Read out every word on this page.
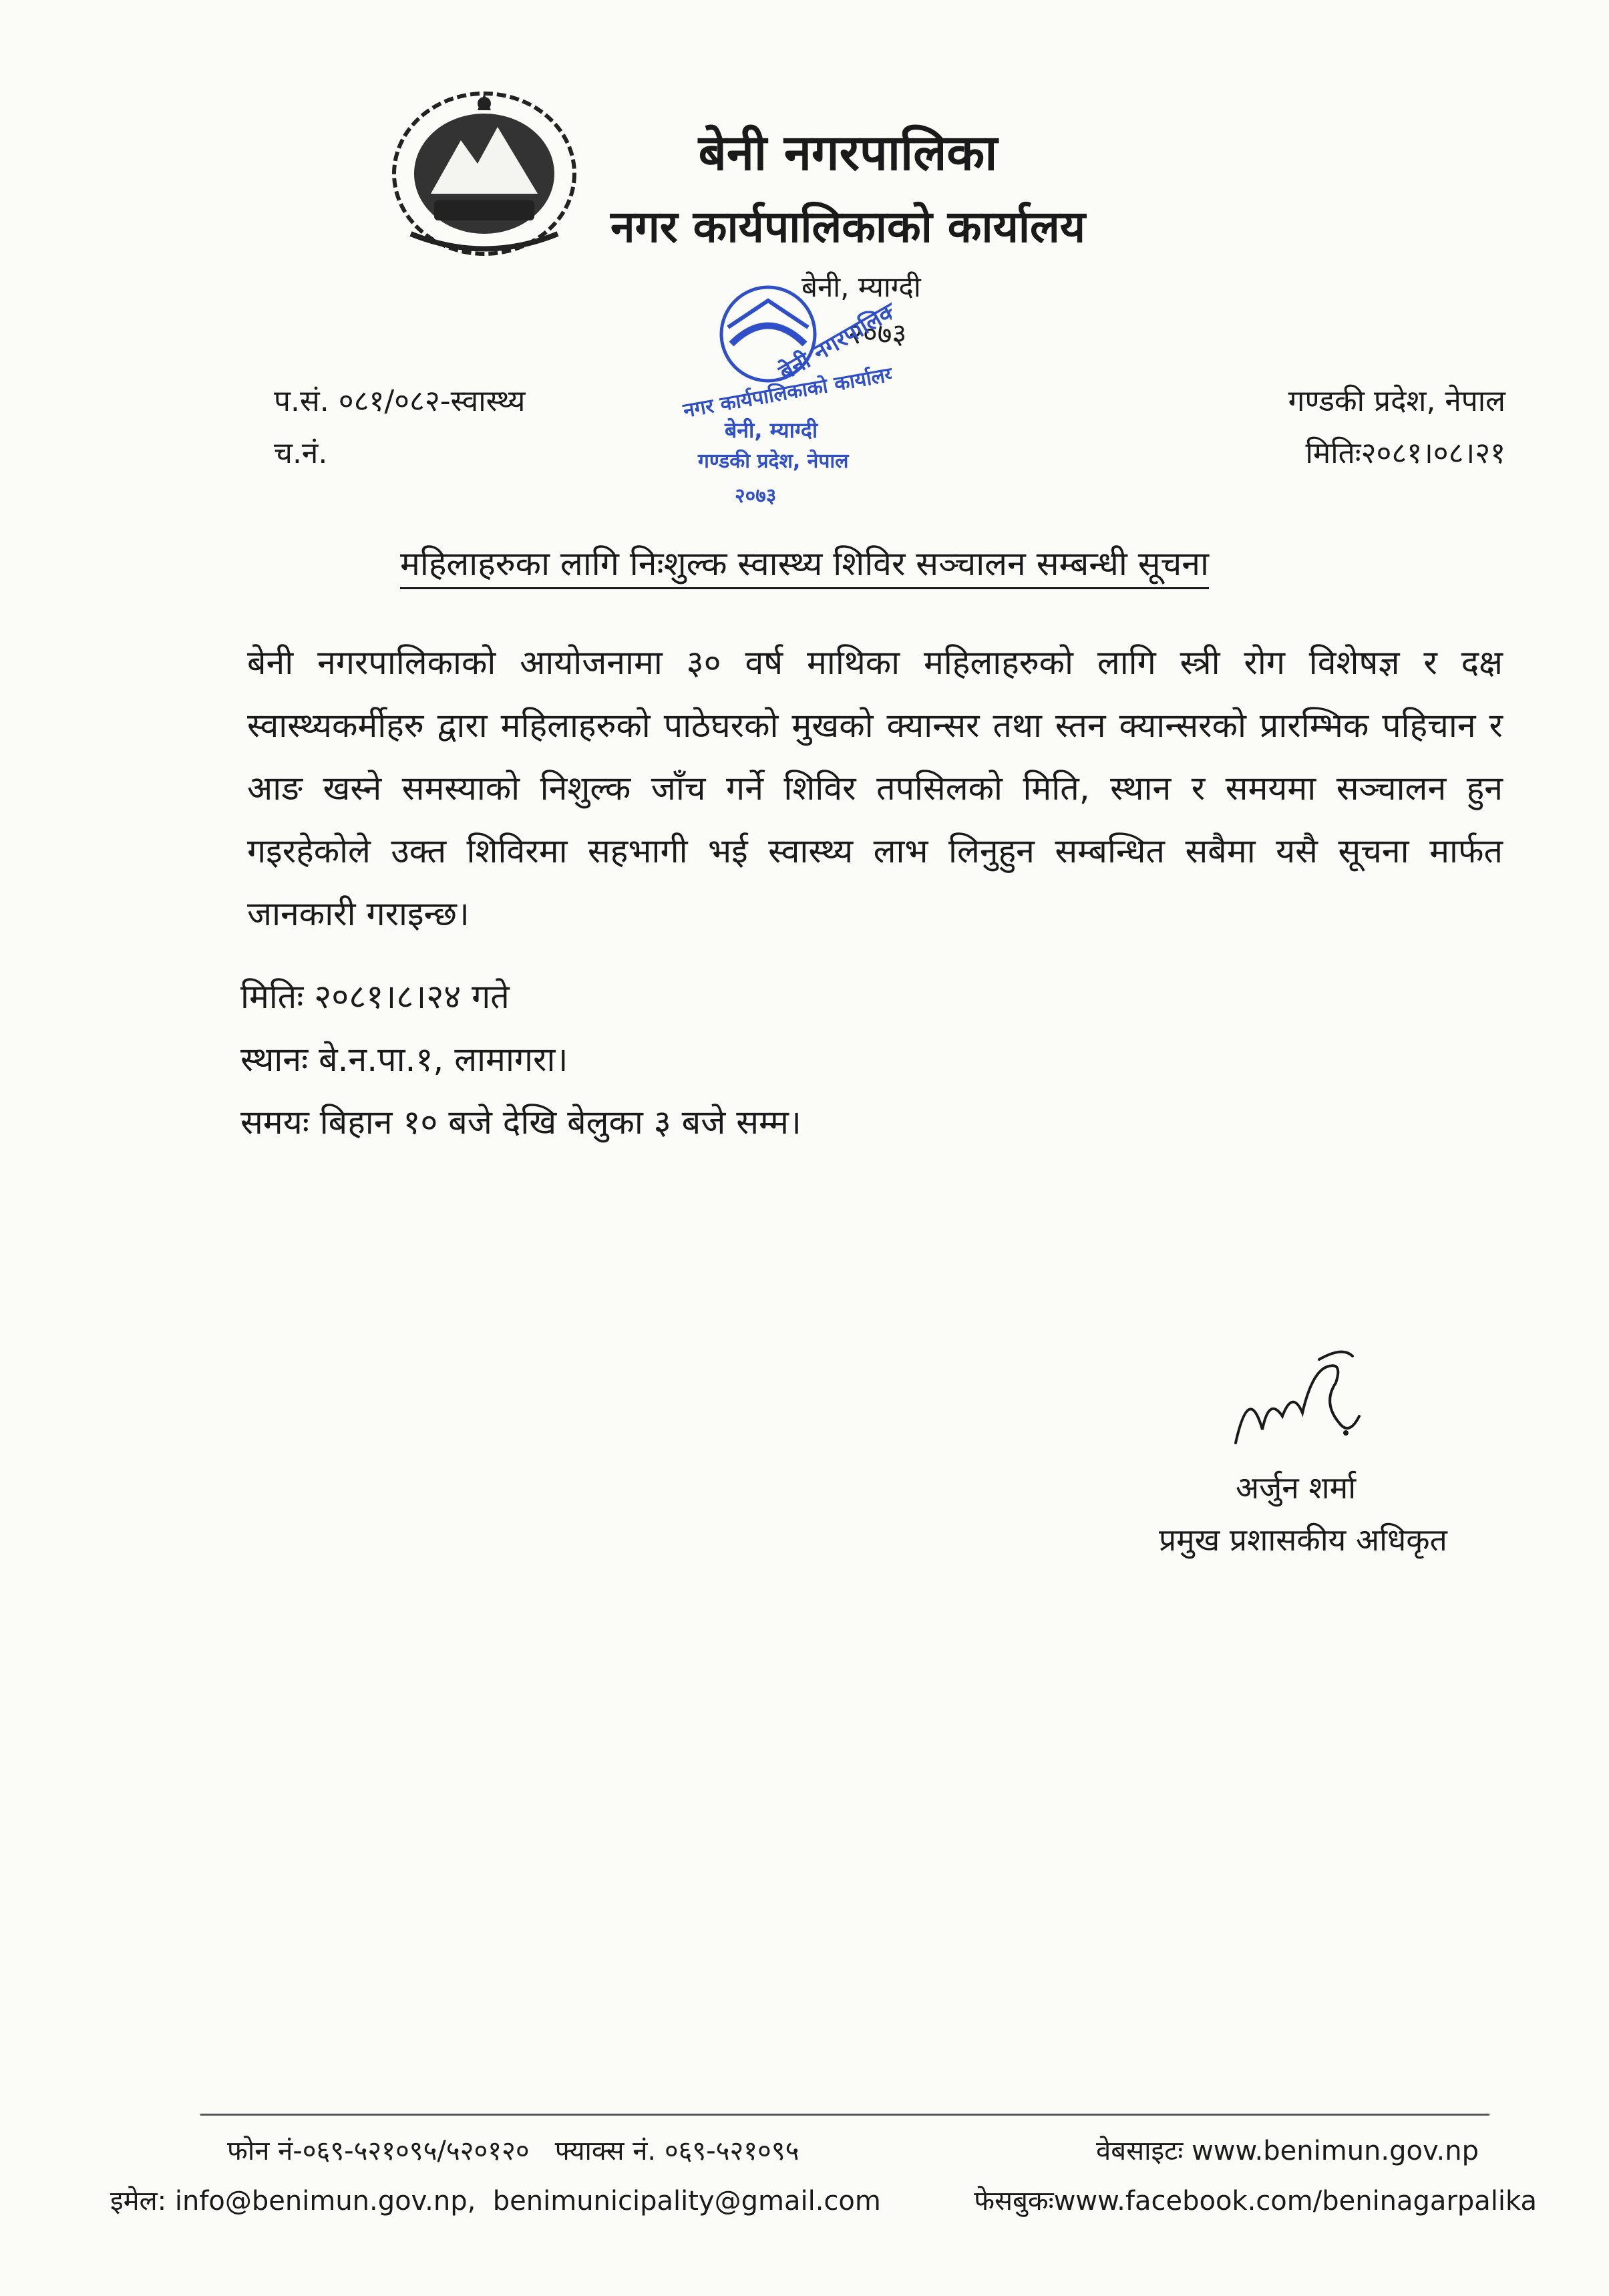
बेनी नगरपालिका
नगर कार्यपालिकाको कार्यालय
बेनी, म्याग्दी
२०७३
बेनी नगरपालिका
नगर कार्यपालिकाको कार्यालय
बेनी, म्याग्दी
गण्डकी प्रदेश, नेपाल
२०७३
प.सं. ०८१/०८२-स्वास्थ्य
च.नं.
गण्डकी प्रदेश, नेपाल
मितिः२०८१।०८।२१
महिलाहरुका लागि निःशुल्क स्वास्थ्य शिविर सञ्चालन सम्बन्धी सूचना
बेनी नगरपालिकाको आयोजनामा ३० वर्ष माथिका महिलाहरुको लागि स्त्री रोग विशेषज्ञ र दक्ष स्वास्थ्यकर्मीहरु द्वारा महिलाहरुको पाठेघरको मुखको क्यान्सर तथा स्तन क्यान्सरको प्रारम्भिक पहिचान र आङ खस्ने समस्याको निशुल्क जाँच गर्ने शिविर तपसिलको मिति, स्थान र समयमा सञ्चालन हुन गइरहेकोले उक्त शिविरमा सहभागी भई स्वास्थ्य लाभ लिनुहुन सम्बन्धित सबैमा यसै सूचना मार्फत जानकारी गराइन्छ।
मितिः २०८१।८।२४ गते
स्थानः बे.न.पा.१, लामागरा।
समयः बिहान १० बजे देखि बेलुका ३ बजे सम्म।
अर्जुन शर्मा
प्रमुख प्रशासकीय अधिकृत
फोन नं-०६९-५२१०९५/५२०१२०   फ्याक्स नं. ०६९-५२१०९५	वेबसाइटः www.benimun.gov.np
इमेल: info@benimun.gov.np,  benimunicipality@gmail.com	फेसबुकःwww.facebook.com/beninagarpalika
